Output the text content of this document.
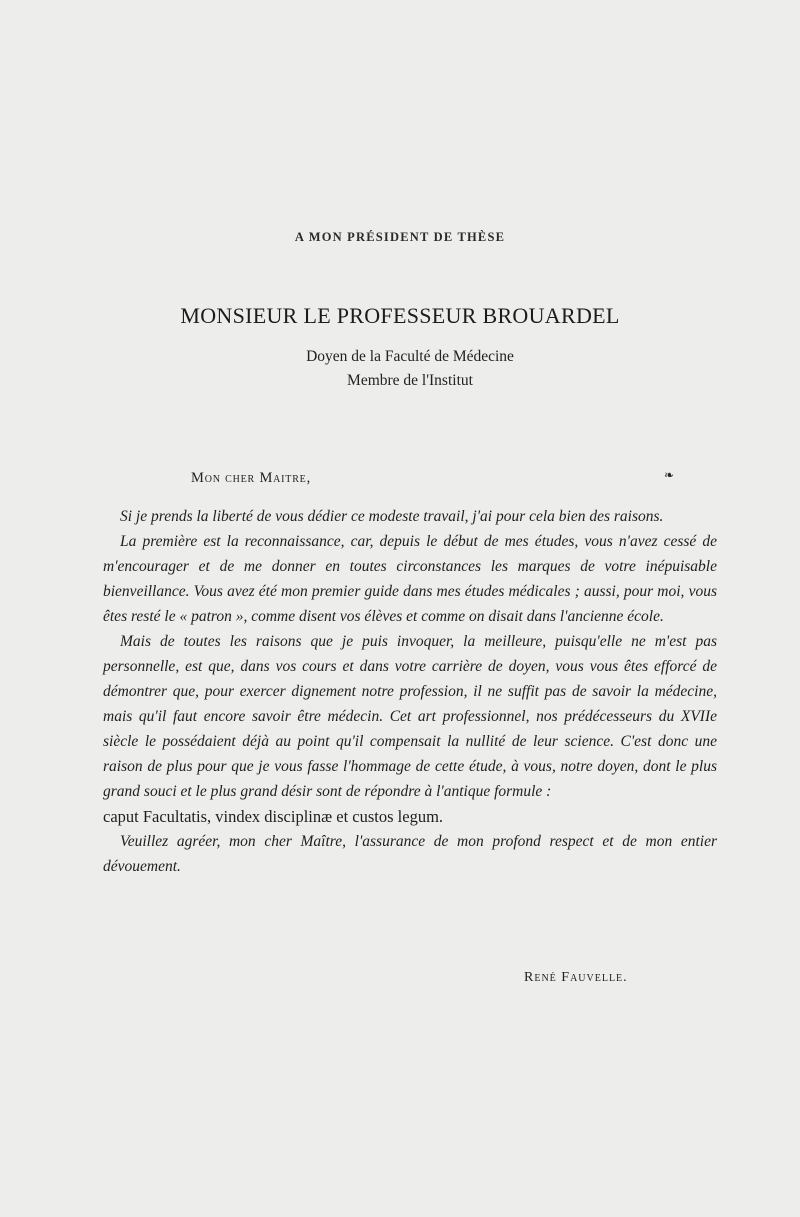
A MON PRÉSIDENT DE THÈSE
MONSIEUR LE PROFESSEUR BROUARDEL
Doyen de la Faculté de Médecine
Membre de l'Institut
Mon cher Maitre,	❧

Si je prends la liberté de vous dédier ce modeste travail, j'ai pour cela bien des raisons.

La première est la reconnaissance, car, depuis le début de mes études, vous n'avez cessé de m'encourager et de me donner en toutes circonstances les marques de votre inépuisable bienveillance. Vous avez été mon premier guide dans mes études médicales ; aussi, pour moi, vous êtes resté le « patron », comme disent vos élèves et comme on disait dans l'ancienne école.

Mais de toutes les raisons que je puis invoquer, la meilleure, puisqu'elle ne m'est pas personnelle, est que, dans vos cours et dans votre carrière de doyen, vous vous êtes efforcé de démontrer que, pour exercer dignement notre profession, il ne suffit pas de savoir la médecine, mais qu'il faut encore savoir être médecin. Cet art professionnel, nos prédécesseurs du XVIIe siècle le possédaient déjà au point qu'il compensait la nullité de leur science. C'est donc une raison de plus pour que je vous fasse l'hommage de cette étude, à vous, notre doyen, dont le plus grand souci et le plus grand désir sont de répondre à l'antique formule :

caput Facultatis, vindex disciplinæ et custos legum.

Veuillez agréer, mon cher Maître, l'assurance de mon profond respect et de mon entier dévouement.

René Fauvelle.
